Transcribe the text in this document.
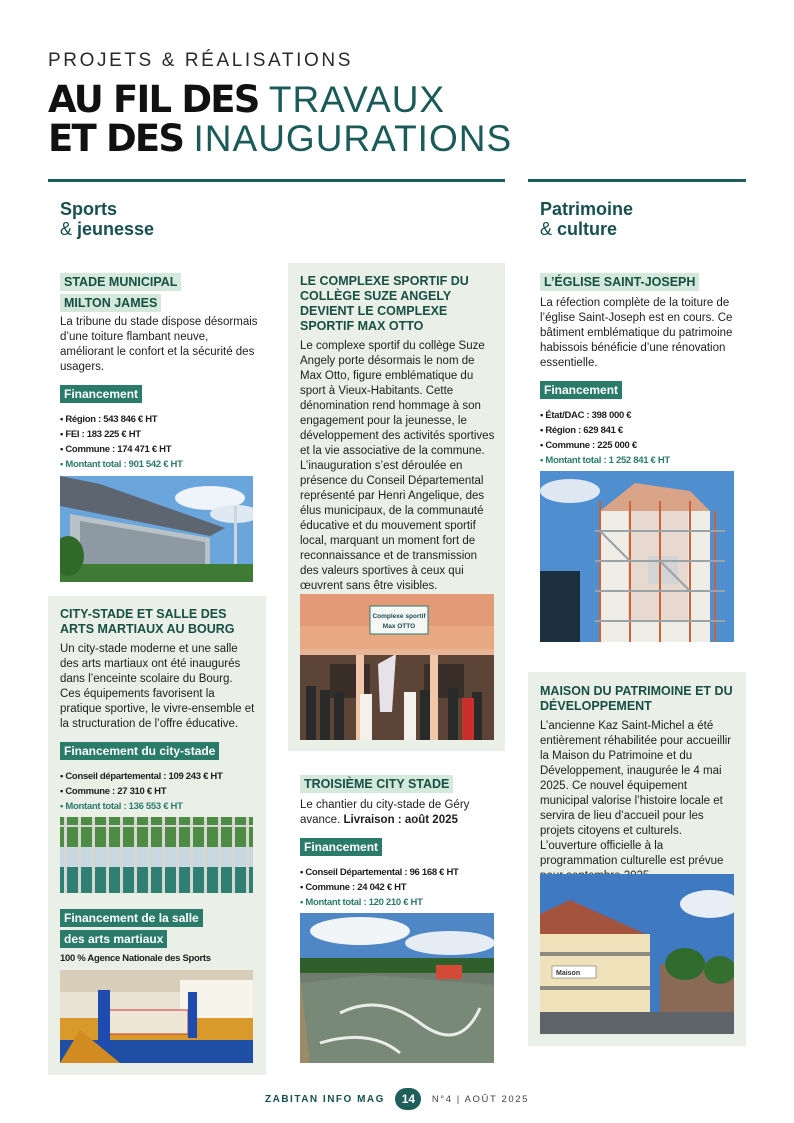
PROJETS & RÉALISATIONS
AU FIL DES TRAVAUX
ET DES INAUGURATIONS
Sports
& jeunesse
Patrimoine
& culture
STADE MUNICIPAL
MILTON JAMES
La tribune du stade dispose désormais d’une toiture flambant neuve, améliorant le confort et la sécurité des usagers.
Financement
• Région : 543 846 € HT
• FEI : 183 225 € HT
• Commune : 174 471 € HT
• Montant total : 901 542 € HT
CITY-STADE ET SALLE DES ARTS MARTIAUX AU BOURG
Un city-stade moderne et une salle des arts martiaux ont été inaugurés dans l’enceinte scolaire du Bourg. Ces équipements favorisent la pratique sportive, le vivre-ensemble et la structuration de l’offre éducative.
Financement du city-stade
• Conseil départemental : 109 243 € HT
• Commune : 27 310 € HT
• Montant total : 136 553 € HT
Financement de la salle
des arts martiaux
100 % Agence Nationale des Sports
LE COMPLEXE SPORTIF DU COLLÈGE SUZE ANGELY DEVIENT LE COMPLEXE SPORTIF MAX OTTO
Le complexe sportif du collège Suze Angely porte désormais le nom de Max Otto, figure emblématique du sport à Vieux-Habitants. Cette dénomination rend hommage à son engagement pour la jeunesse, le développement des activités sportives et la vie associative de la commune. L’inauguration s’est déroulée en présence du Conseil Départemental représenté par Henri Angelique, des élus municipaux, de la communauté éducative et du mouvement sportif local, marquant un moment fort de reconnaissance et de transmission des valeurs sportives à ceux qui œuvrent sans être visibles.
Complexe sportif
Max OTTO
TROISIÈME CITY STADE
Le chantier du city-stade de Géry avance. Livraison : août 2025
Financement
• Conseil Départemental : 96 168 € HT
• Commune : 24 042 € HT
• Montant total : 120 210 € HT
L’ÉGLISE SAINT-JOSEPH
La réfection complète de la toiture de l’église Saint-Joseph est en cours. Ce bâtiment emblématique du patrimoine habissois bénéficie d’une rénovation essentielle.
Financement
• État/DAC : 398 000 €
• Région : 629 841 €
• Commune : 225 000 €
• Montant total : 1 252 841 € HT
MAISON DU PATRIMOINE ET DU DÉVELOPPEMENT
L’ancienne Kaz Saint-Michel a été entièrement réhabilitée pour accueillir la Maison du Patrimoine et du Développement, inaugurée le 4 mai 2025. Ce nouvel équipement municipal valorise l’histoire locale et servira de lieu d’accueil pour les projets citoyens et culturels. L’ouverture officielle à la programmation culturelle est prévue
Maison
ZABITAN INFO MAG 14 N°4 | AOÛT 2025
